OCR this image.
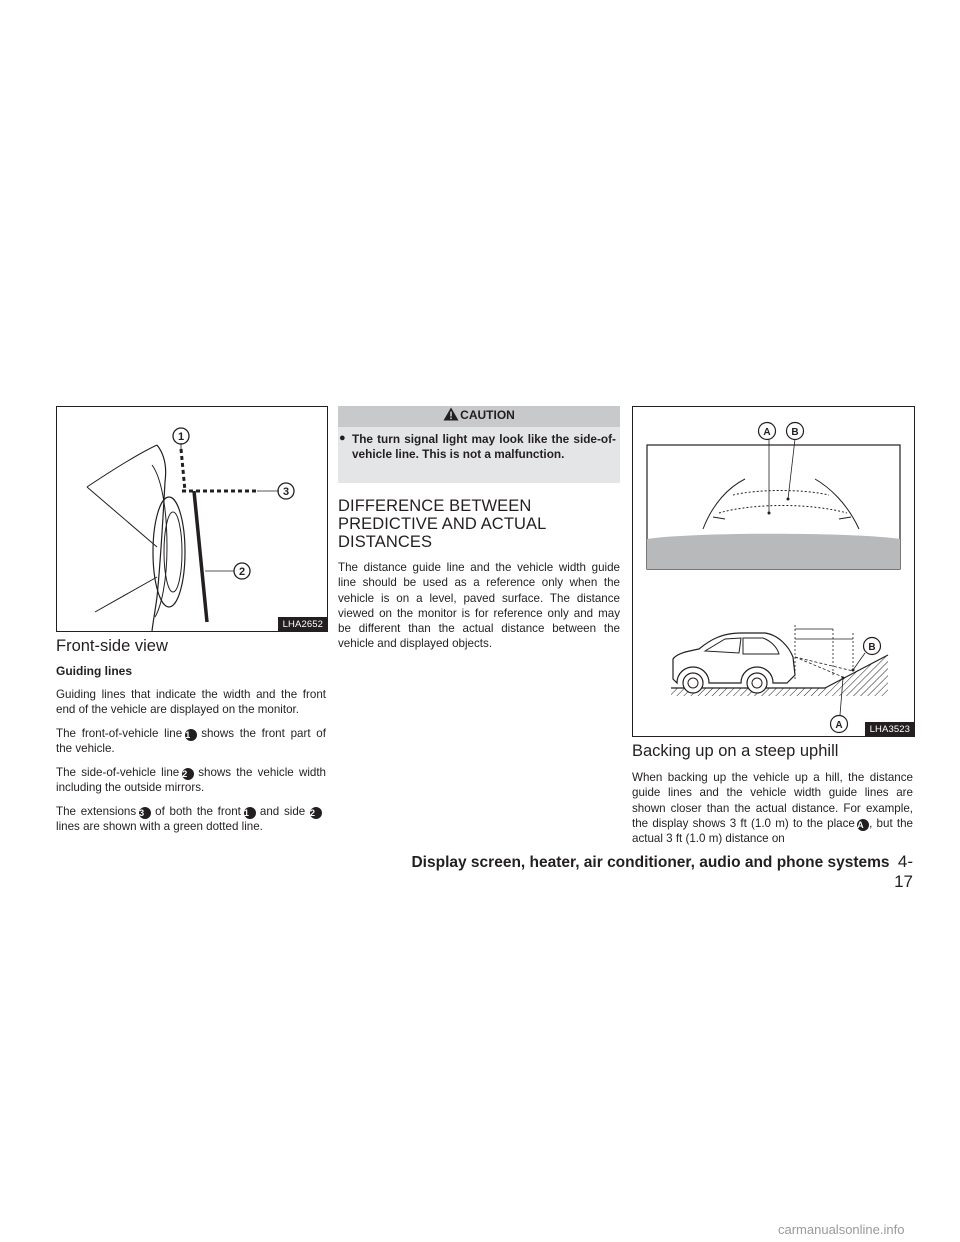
1
3
2
LHA2652
Front-side view
Guiding lines

Guiding lines that indicate the width and the front end of the vehicle are displayed on the monitor.

The front-of-vehicle line 1 shows the front part of the vehicle.

The side-of-vehicle line 2 shows the vehicle width including the outside mirrors.

The extensions 3 of both the front 1 and side 2lines are shown with a green dotted line.

CAUTION
● The turn signal light may look like the side-of-vehicle line. This is not a malfunction.

DIFFERENCE BETWEEN
PREDICTIVE AND ACTUAL
DISTANCES

The distance guide line and the vehicle width guide line should be used as a reference only when the vehicle is on a level, paved surface. The distance viewed on the monitor is for reference only and may be different than the actual distance between the vehicle and displayed objects.

A B
B
A	LHA3523
Backing up on a steep uphill

When backing up the vehicle up a hill, the distance guide lines and the vehicle width guide lines are shown closer than the actual distance. For example, the display shows 3 ft (1.0 m) to the place A , but the actual 3 ft (1.0 m) distance on

Display screen, heater, air conditioner, audio and phone systems 4-17
carmanualsonline.info
